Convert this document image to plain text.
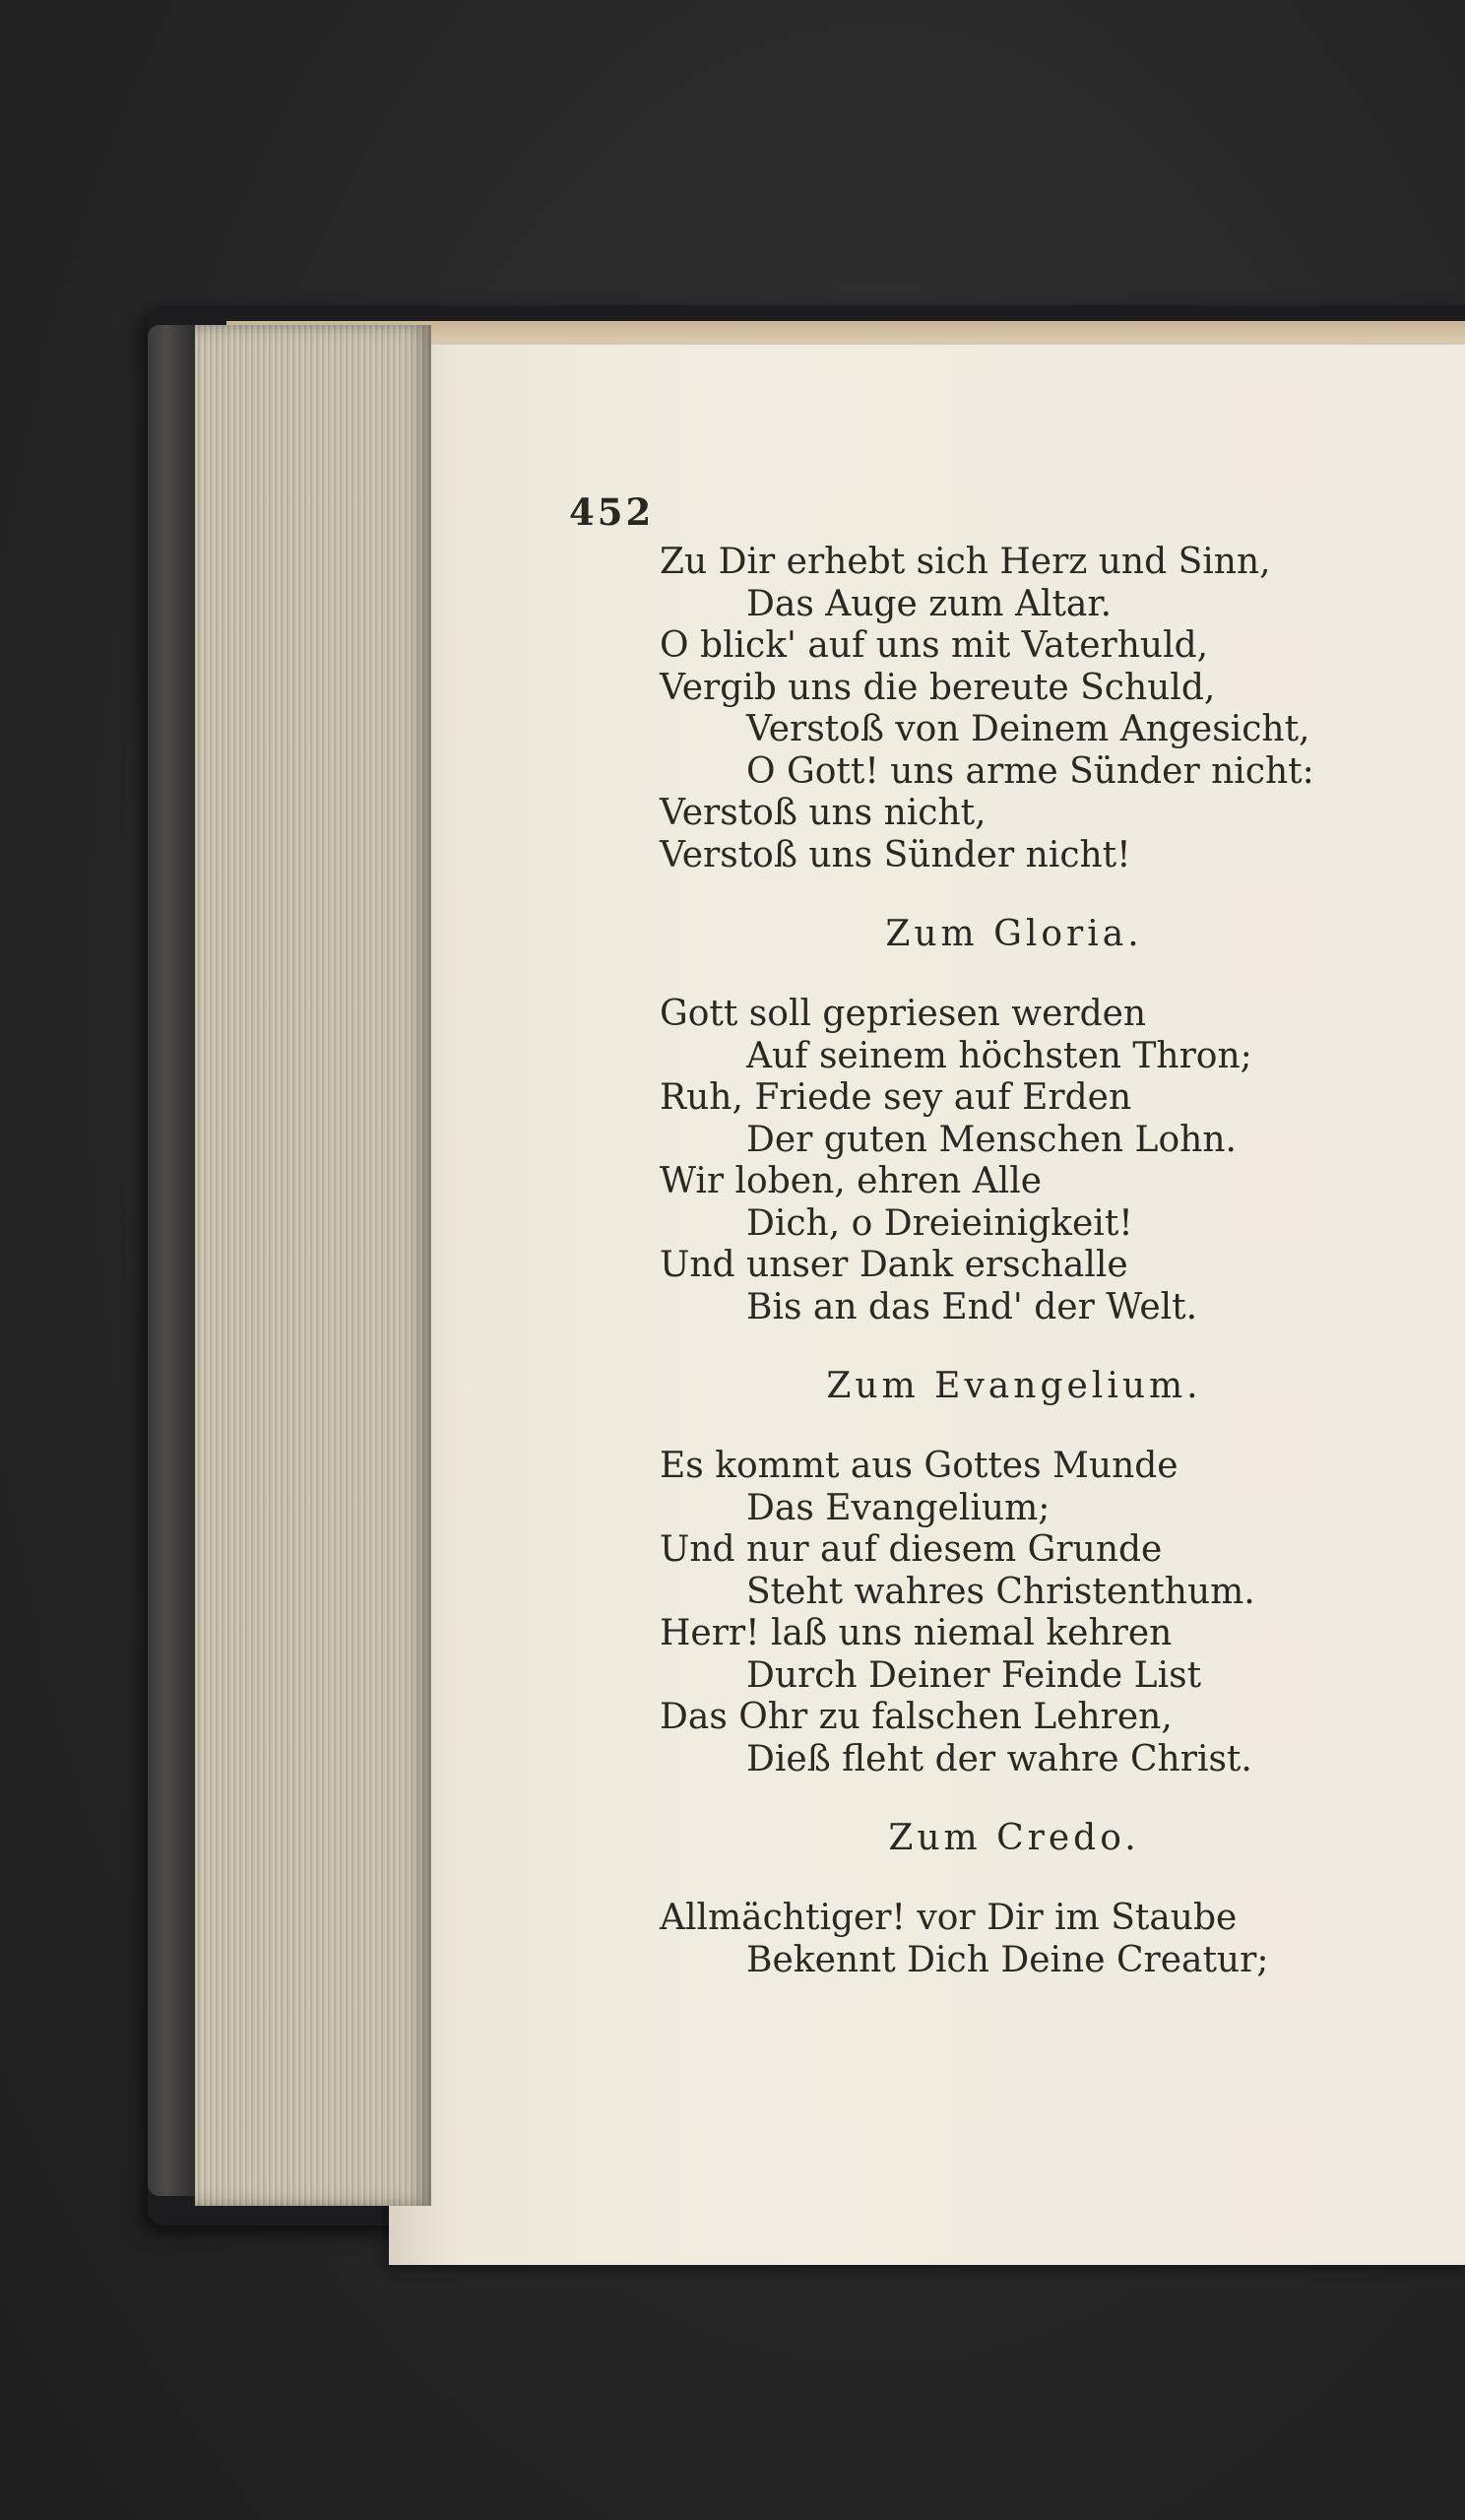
452
Zu Dir erhebt sich Herz und Sinn,
Das Auge zum Altar.
O blick' auf uns mit Vaterhuld,
Vergib uns die bereute Schuld,
Verstoß von Deinem Angesicht,
O Gott! uns arme Sünder nicht:
Verstoß uns nicht,
Verstoß uns Sünder nicht!
Zum Gloria.
Gott soll gepriesen werden
Auf seinem höchsten Thron;
Ruh, Friede sey auf Erden
Der guten Menschen Lohn.
Wir loben, ehren Alle
Dich, o Dreieinigkeit!
Und unser Dank erschalle
Bis an das End' der Welt.
Zum Evangelium.
Es kommt aus Gottes Munde
Das Evangelium;
Und nur auf diesem Grunde
Steht wahres Christenthum.
Herr! laß uns niemal kehren
Durch Deiner Feinde List
Das Ohr zu falschen Lehren,
Dieß fleht der wahre Christ.
Zum Credo.
Allmächtiger! vor Dir im Staube
Bekennt Dich Deine Creatur;
